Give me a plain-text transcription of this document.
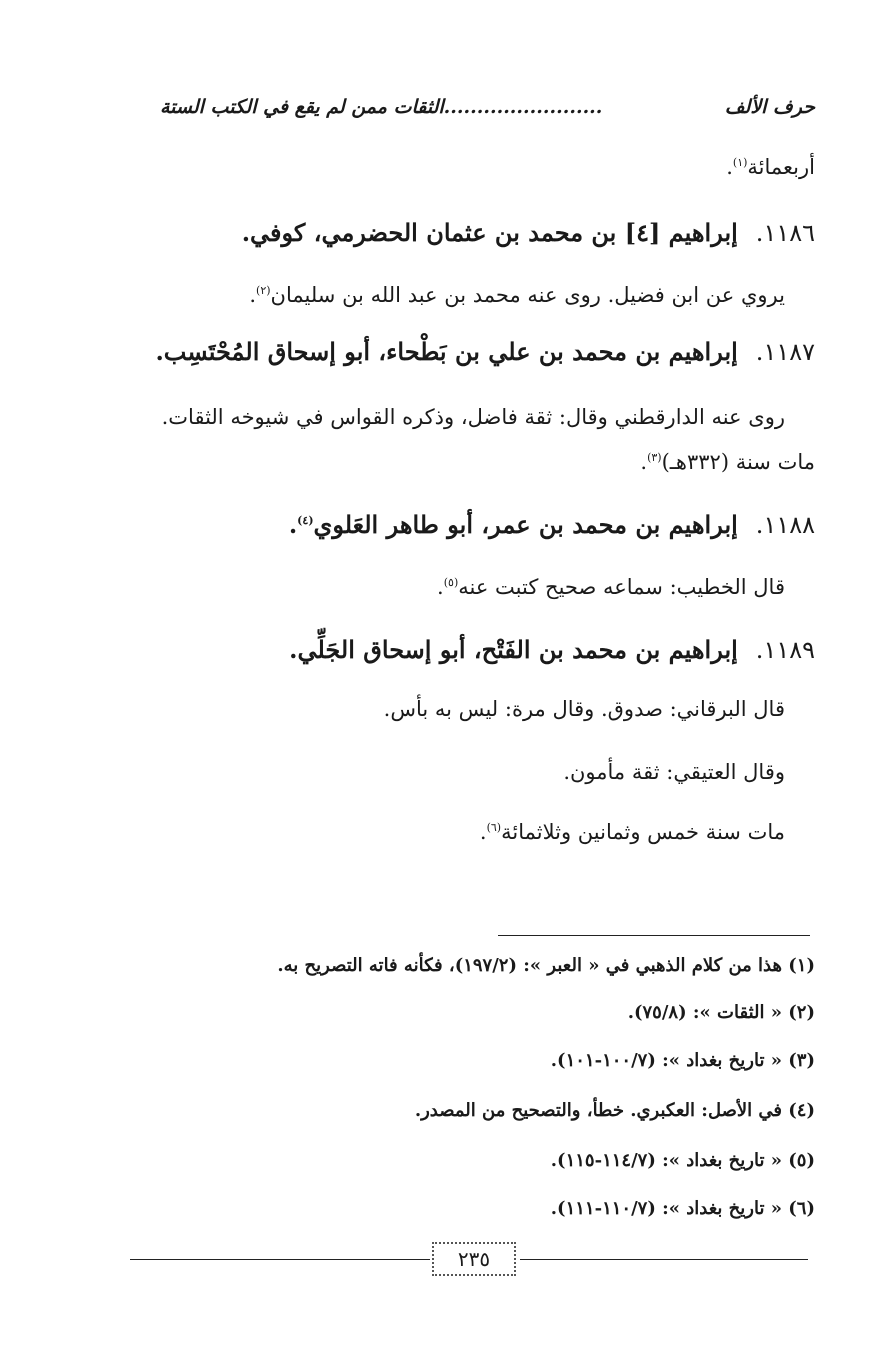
حرف الألف
........................الثقات ممن لم يقع في الكتب الستة
أربعمائة$^{(١)}$.
١١٨٦.إبراهيم [٤] بن محمد بن عثمان الحضرمي، كوفي.
يروي عن ابن فضيل. روى عنه محمد بن عبد الله بن سليمان$^{(٢)}$.
١١٨٧.إبراهيم بن محمد بن علي بن بَطْحاء، أبو إسحاق المُحْتَسِب.
روى عنه الدارقطني وقال: ثقة فاضل، وذكره القواس في شيوخه الثقات.
مات سنة (٣٣٢هـ)$^{(٣)}$.
١١٨٨.إبراهيم بن محمد بن عمر، أبو طاهر العَلوي$^{(٤)}$.
قال الخطيب: سماعه صحيح كتبت عنه$^{(٥)}$.
١١٨٩.إبراهيم بن محمد بن الفَتْح، أبو إسحاق الجَلِّي.
قال البرقاني: صدوق. وقال مرة: ليس به بأس.
وقال العتيقي: ثقة مأمون.
مات سنة خمس وثمانين وثلاثمائة$^{(٦)}$.
(١) هذا من كلام الذهبي في « العبر »: (١٩٧/٢)، فكأنه فاته التصريح به.
(٢) « الثقات »: (٧٥/٨).
(٣) « تاريخ بغداد »: (١٠٠/٧-١٠١).
(٤) في الأصل: العكبري. خطأ، والتصحيح من المصدر.
(٥) « تاريخ بغداد »: (١١٤/٧-١١٥).
(٦) « تاريخ بغداد »: (١١٠/٧-١١١).
٢٣٥
